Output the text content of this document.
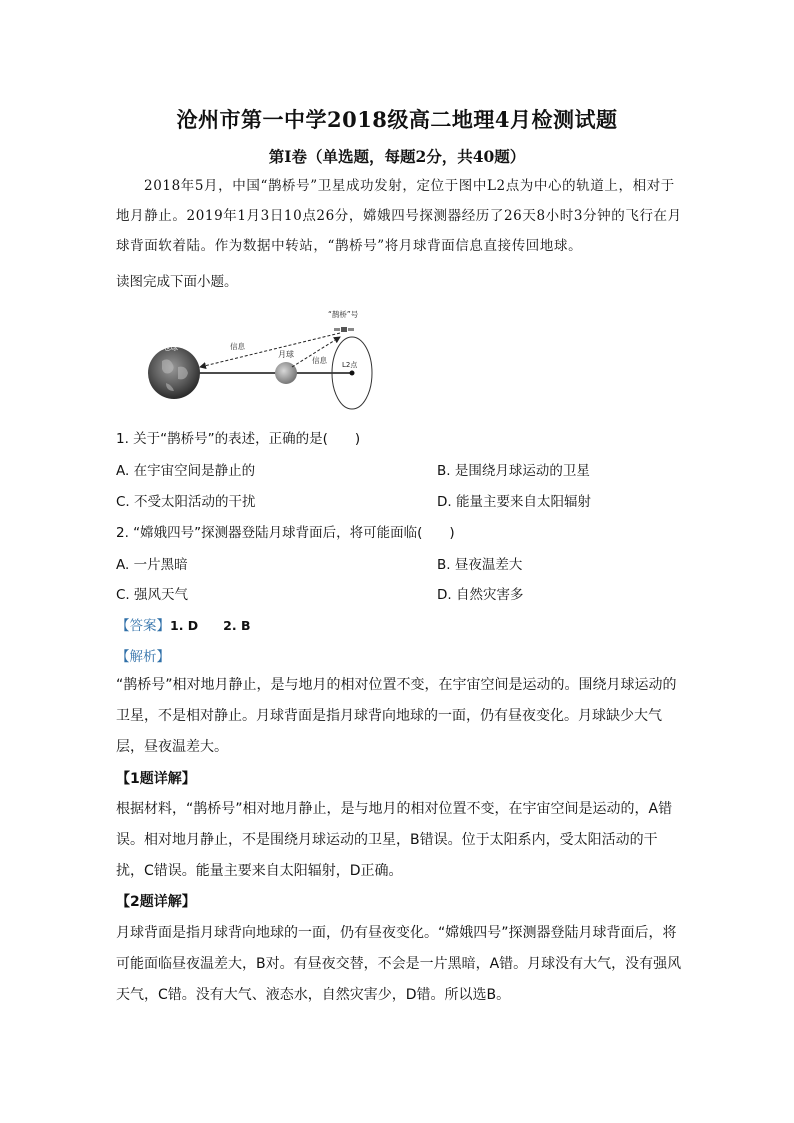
沧州市第一中学2018级高二地理4月检测试题
第Ⅰ卷（单选题，每题2分，共40题）
2018年5月，中国“鹊桥号”卫星成功发射，定位于图中L2点为中心的轨道上，相对于地月静止。2019年1月3日10点26分，嫦娥四号探测器经历了26天8小时3分钟的飞行在月球背面软着陆。作为数据中转站，“鹊桥号”将月球背面信息直接传回地球。
读图完成下面小题。
地球
月球
L2点
“鹊桥”号
信息
信息
1. 关于“鹊桥号”的表述，正确的是(　　)
A. 在宇宙空间是静止的	B. 是围绕月球运动的卫星
C. 不受太阳活动的干扰	D. 能量主要来自太阳辐射
2. “嫦娥四号”探测器登陆月球背面后，将可能面临(　　)
A. 一片黑暗	B. 昼夜温差大
C. 强风天气	D. 自然灾害多
【答案】1. D　　2. B
【解析】
“鹊桥号”相对地月静止，是与地月的相对位置不变，在宇宙空间是运动的。围绕月球运动的卫星，不是相对静止。月球背面是指月球背向地球的一面，仍有昼夜变化。月球缺少大气层，昼夜温差大。
【1题详解】
根据材料，“鹊桥号”相对地月静止，是与地月的相对位置不变，在宇宙空间是运动的，A错误。相对地月静止，不是围绕月球运动的卫星，B错误。位于太阳系内，受太阳活动的干扰，C错误。能量主要来自太阳辐射，D正确。
【2题详解】
月球背面是指月球背向地球的一面，仍有昼夜变化。“嫦娥四号”探测器登陆月球背面后，将可能面临昼夜温差大，B对。有昼夜交替，不会是一片黑暗，A错。月球没有大气，没有强风天气，C错。没有大气、液态水，自然灾害少，D错。所以选B。
